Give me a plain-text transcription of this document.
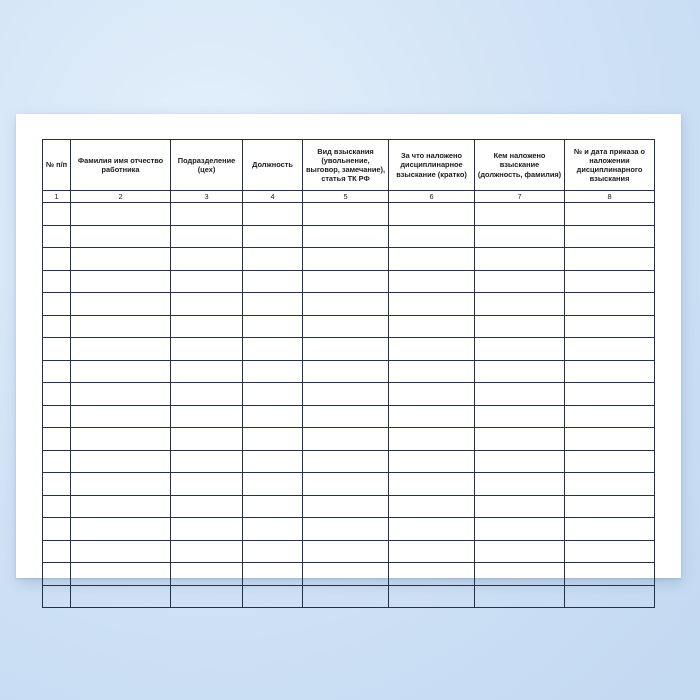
№ п/п	Фамилия имя отчество работника	Подразделение (цех)	Должность	Вид взыскания (увольнение, выговор, замечание), статья ТК РФ	За что наложено дисциплинарное взыскание (кратко)	Кем наложено взыскание (должность, фамилия)	№ и дата приказа о наложении дисциплинарного взыскания
1	2	3	4	5	6	7	8
